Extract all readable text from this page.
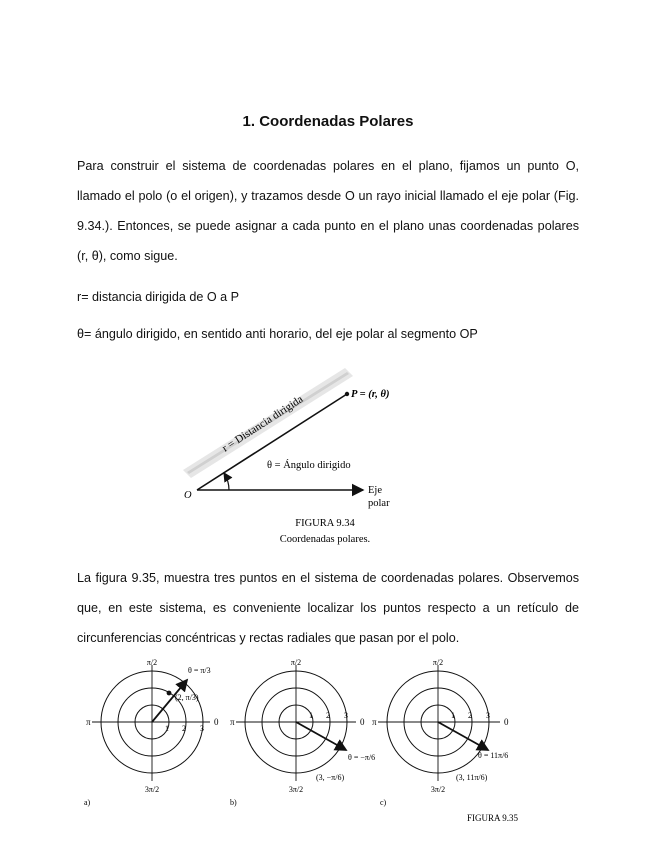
1. Coordenadas Polares

Para construir el sistema de coordenadas polares en el plano, fijamos un punto O, llamado el polo (o el origen), y trazamos desde O un rayo inicial llamado el eje polar (Fig. 9.34.). Entonces, se puede asignar a cada punto en el plano unas coordenadas polares (r, θ), como sigue.

r= distancia dirigida de O a P

θ= ángulo dirigido, en sentido anti horario, del eje polar al segmento OP

r = Distancia dirigida	P = (r, θ)
θ = Ángulo dirigido
O	Eje
polar
FIGURA 9.34
Coordenadas polares.

La figura 9.35, muestra tres puntos en el sistema de coordenadas polares. Observemos que, en este sistema, es conveniente localizar los puntos respecto a un retículo de circunferencias concéntricas y rectas radiales que pasan por el polo.

π/2
3π/2
π	0
θ = π/3
(2, π/3)
1 2 3
a)
π/2
3π/2
π	0
θ = −π/6
(3, −π/6)
1 2 3
b)
π/2
3π/2
π	0
θ = 11π/6
(3, 11π/6)
1 2 3
c)
FIGURA 9.35
